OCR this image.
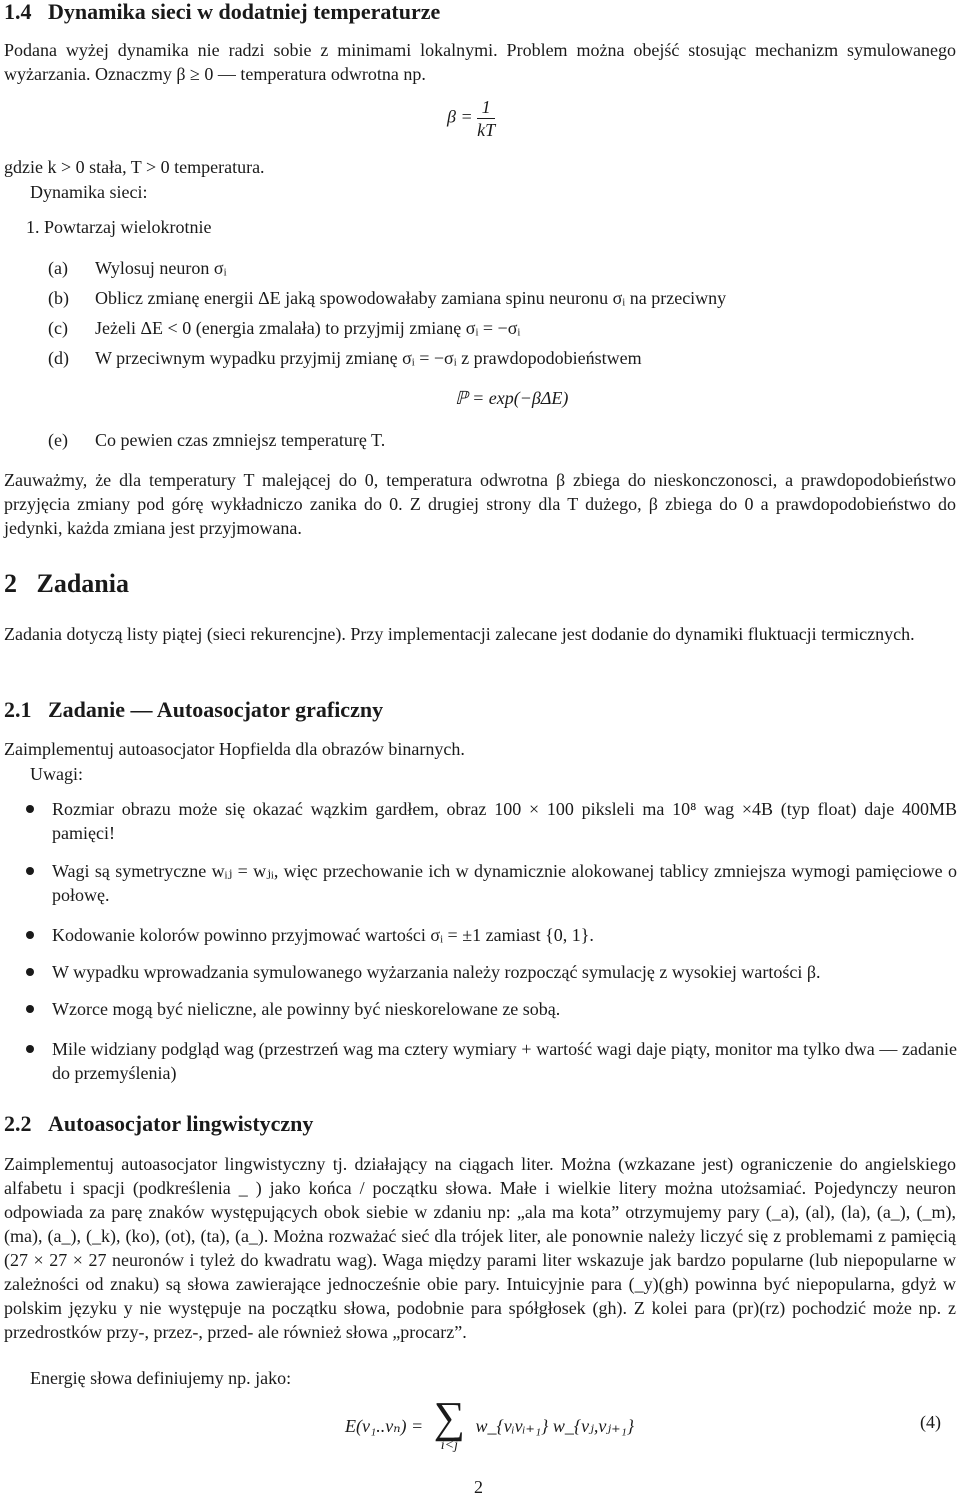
1.4 Dynamika sieci w dodatniej temperaturze

Podana wyżej dynamika nie radzi sobie z minimami lokalnymi. Problem można obejść stosując mechanizm symulowanego wyżarzania. Oznaczmy β ≥ 0 — temperatura odwrotna np.

$\beta = \frac{1}{kT}$
gdzie k > 0 stała, T > 0 temperatura.
Dynamika sieci:
1. Powtarzaj wielokrotnie
(a) Wylosuj neuron σᵢ
(b) Oblicz zmianę energii ΔE jaką spowodowałaby zamiana spinu neuronu σᵢ na przeciwny
(c) Jeżeli ΔE < 0 (energia zmalała) to przyjmij zmianę σᵢ = −σᵢ
(d) W przeciwnym wypadku przyjmij zmianę σᵢ = −σᵢ z prawdopodobieństwem
ℙ = exp(−βΔE)
(e) Co pewien czas zmniejsz temperaturę T.

Zauważmy, że dla temperatury T malejącej do 0, temperatura odwrotna β zbiega do nieskonczonosci, a prawdopodobieństwo przyjęcia zmiany pod górę wykładniczo zanika do 0. Z drugiej strony dla T dużego, β zbiega do 0 a prawdopodobieństwo do jedynki, każda zmiana jest przyjmowana.

2 Zadania

Zadania dotyczą listy piątej (sieci rekurencjne). Przy implementacji zalecane jest dodanie do dynamiki fluktuacji termicznych.

2.1 Zadanie — Autoasocjator graficzny
Zaimplementuj autoasocjator Hopfielda dla obrazów binarnych.
Uwagi:
Rozmiar obrazu może się okazać wązkim gardłem, obraz 100 × 100 piksleli ma 10⁸ wag ×4B (typ float) daje 400MB pamięci!
Wagi są symetryczne wᵢⱼ = wⱼᵢ, więc przechowanie ich w dynamicznie alokowanej tablicy zmniejsza wymogi pamięciowe o połowę.
Kodowanie kolorów powinno przyjmować wartości σᵢ = ±1 zamiast {0, 1}.
W wypadku wprowadzania symulowanego wyżarzania należy rozpocząć symulację z wysokiej wartości β.
Wzorce mogą być nieliczne, ale powinny być nieskorelowane ze sobą.
Mile widziany podgląd wag (przestrzeń wag ma cztery wymiary + wartość wagi daje piąty, monitor ma tylko dwa — zadanie do przemyślenia)
2.2 Autoasocjator lingwistyczny

Zaimplementuj autoasocjator lingwistyczny tj. działający na ciągach liter. Można (wzkazane jest) ograniczenie do angielskiego alfabetu i spacji (podkreślenia _ ) jako końca / początku słowa. Małe i wielkie litery można utożsamiać. Pojedynczy neuron odpowiada za parę znaków występujących obok siebie w zdaniu np: „ala ma kota” otrzymujemy pary (_a), (al), (la), (a_), (_m), (ma), (a_), (_k), (ko), (ot), (ta), (a_). Można rozważać sieć dla trójek liter, ale ponownie należy liczyć się z problemami z pamięcią (27 × 27 × 27 neuronów i tyleż do kwadratu wag). Waga między parami liter wskazuje jak bardzo popularne (lub niepopularne w zależności od znaku) są słowa zawierające jednocześnie obie pary. Intuicyjnie para (_y)(gh) powinna być niepopularna, gdyż w polskim języku y nie występuje na początku słowa, podobnie para spółgłosek (gh). Z kolei para (pr)(rz) pochodzić może np. z przedrostków przy-, przez-, przed- ale również słowa „procarz”.

Energię słowa definiujemy np. jako:
E(v₁..vₙ) = ∑
i<j
w_{vᵢvᵢ₊₁} w_{vⱼ,vⱼ₊₁}	(4)
2
